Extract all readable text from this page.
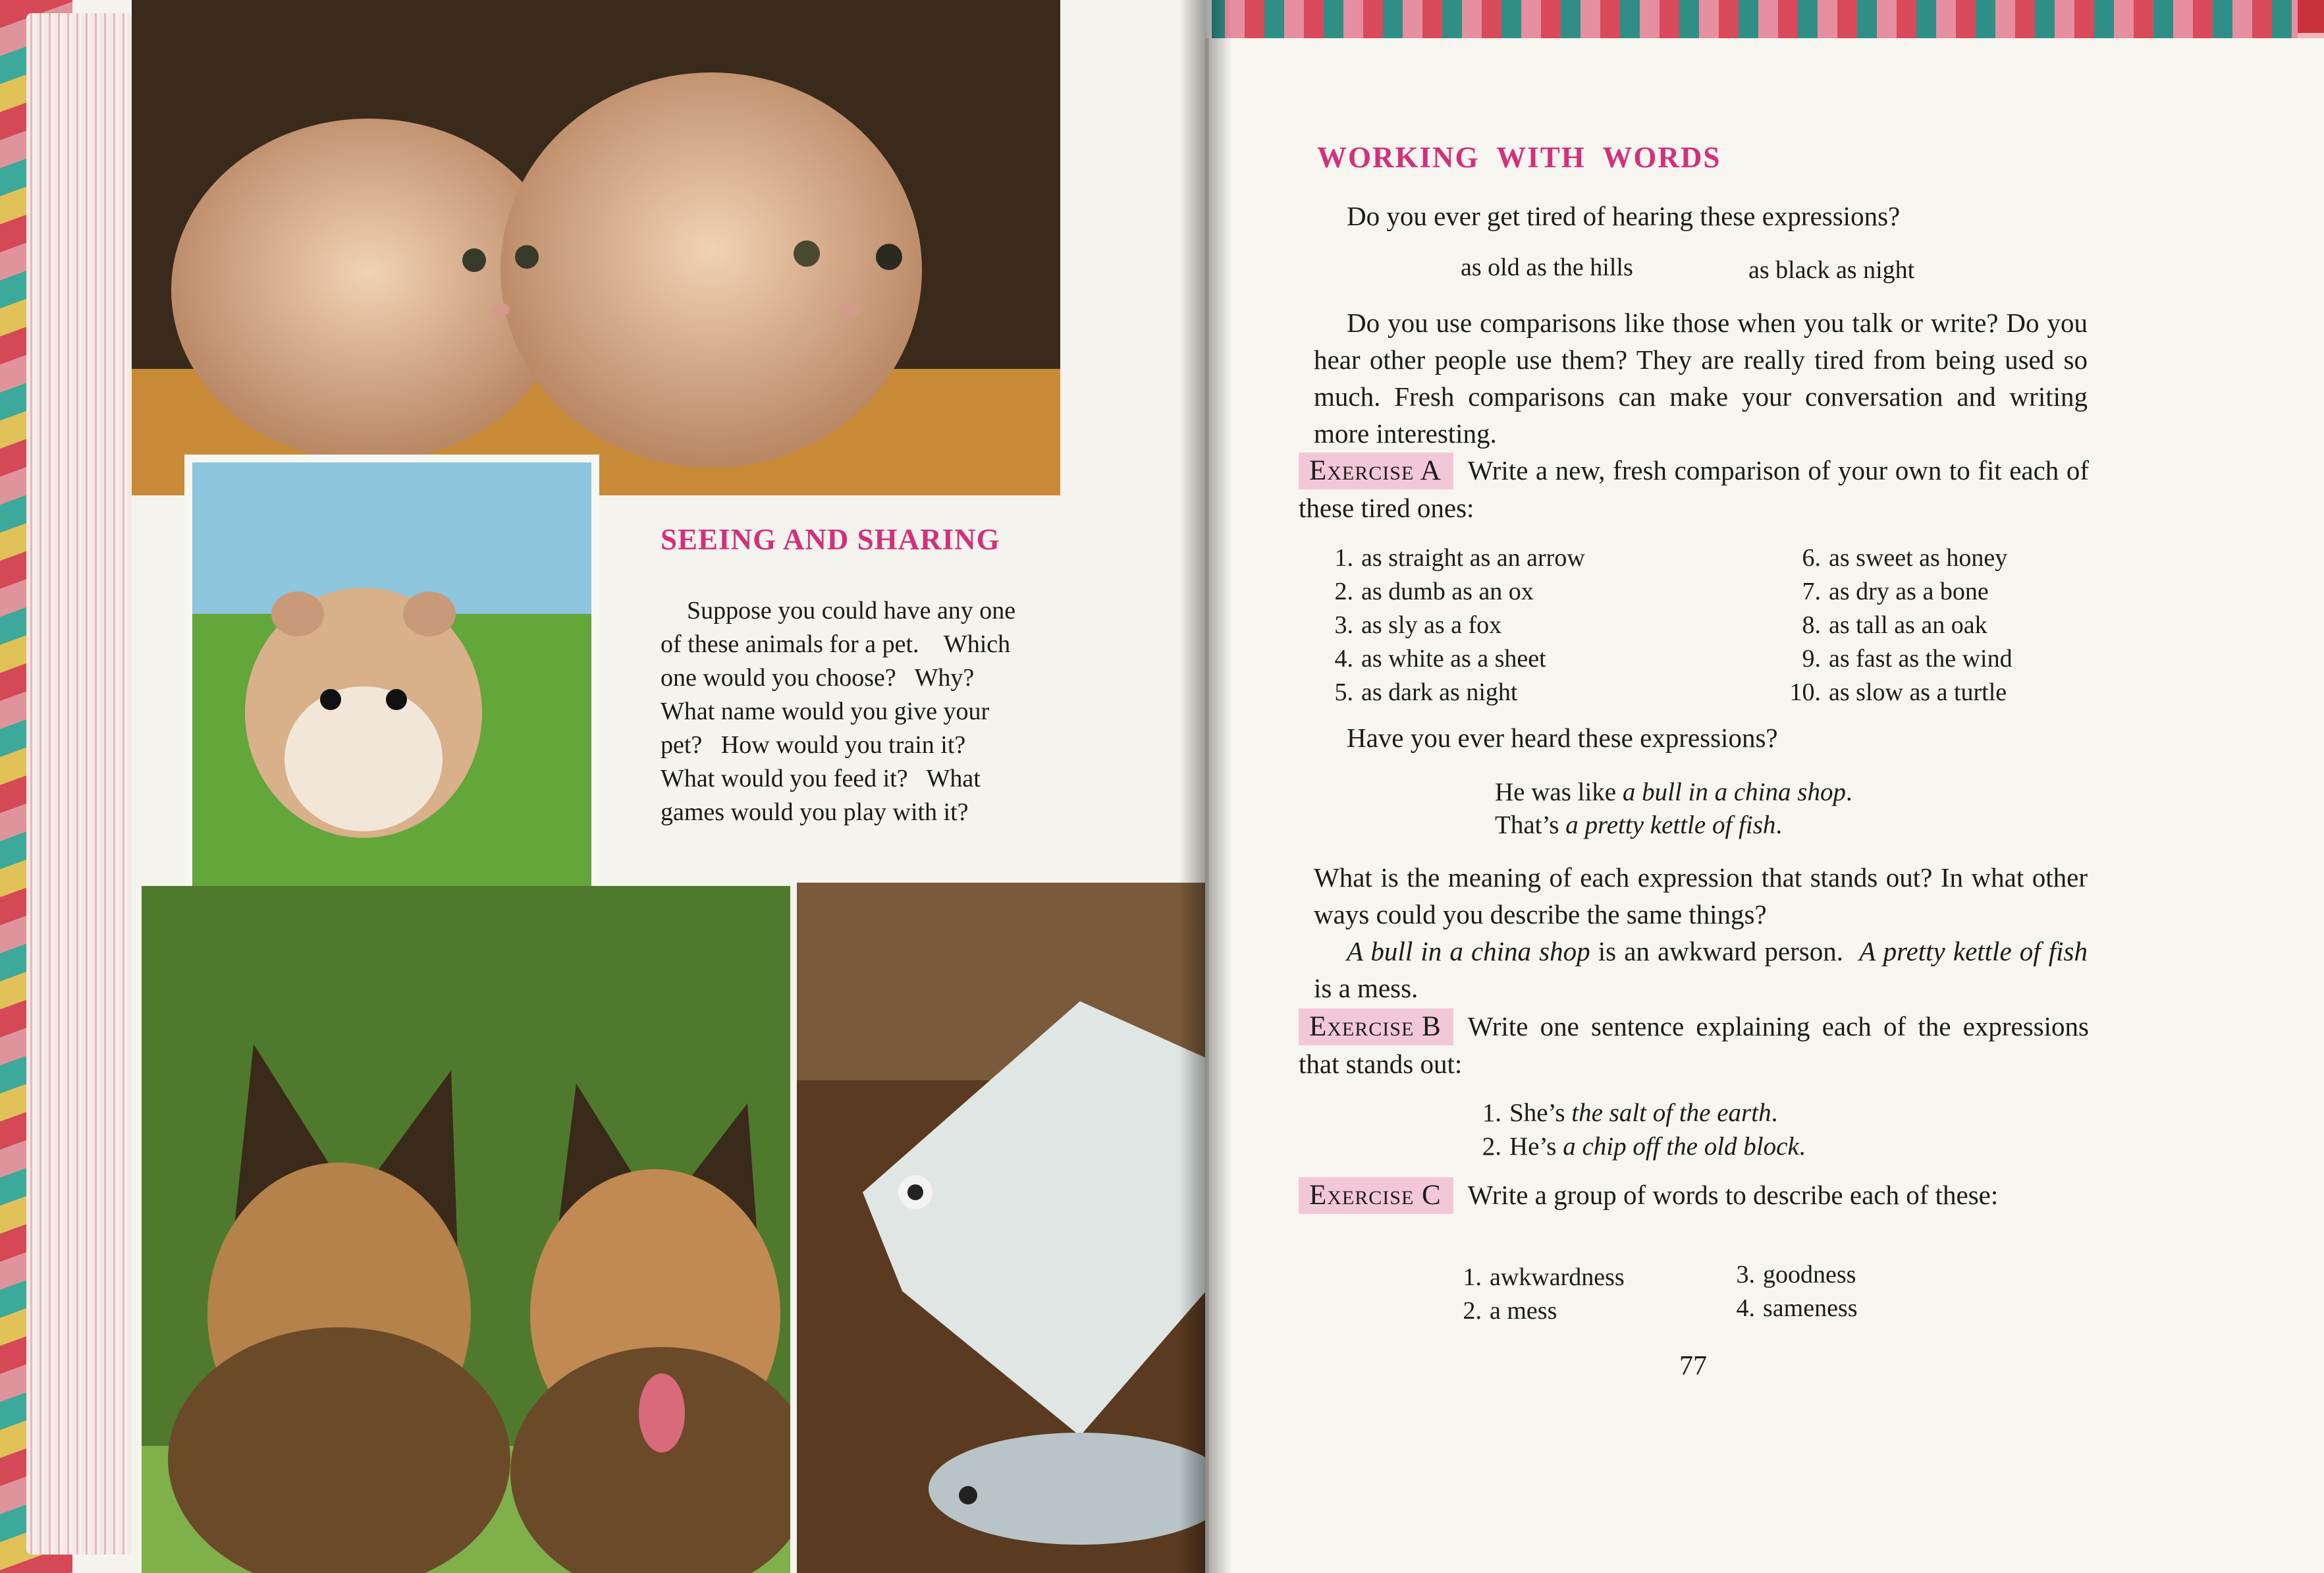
SEEING AND SHARING
Suppose you could have any one
of these animals for a pet.    Which
one would you choose?   Why?
What name would you give your
pet?   How would you train it?
What would you feed it?   What
games would you play with it?
WORKING  WITH  WORDS
Do you ever get tired of hearing these expressions?
as old as the hills	as black as night
Do you use comparisons like those when you talk or write? Do you hear other people use them? They are really tired from being used so much. Fresh comparisons can make your conversation and writing more interesting.
Exercise A Write a new, fresh comparison of your own to fit each of these tired ones:
1. as straight as an arrow
2. as dumb as an ox
3. as sly as a fox
4. as white as a sheet
5. as dark as night
6. as sweet as honey
7. as dry as a bone
8. as tall as an oak
9. as fast as the wind
10. as slow as a turtle
Have you ever heard these expressions?
He was like a bull in a china shop.
That’s a pretty kettle of fish.
What is the meaning of each expression that stands out? In what other ways could you describe the same things?
A bull in a china shop is an awkward person.  A pretty kettle of fish is a mess.
Exercise B Write one sentence explaining each of the expressions that stands out:
1. She’s the salt of the earth.
2. He’s a chip off the old block.
Exercise C Write a group of words to describe each of these:
1. awkwardness
2. a mess
3. goodness
4. sameness
77
